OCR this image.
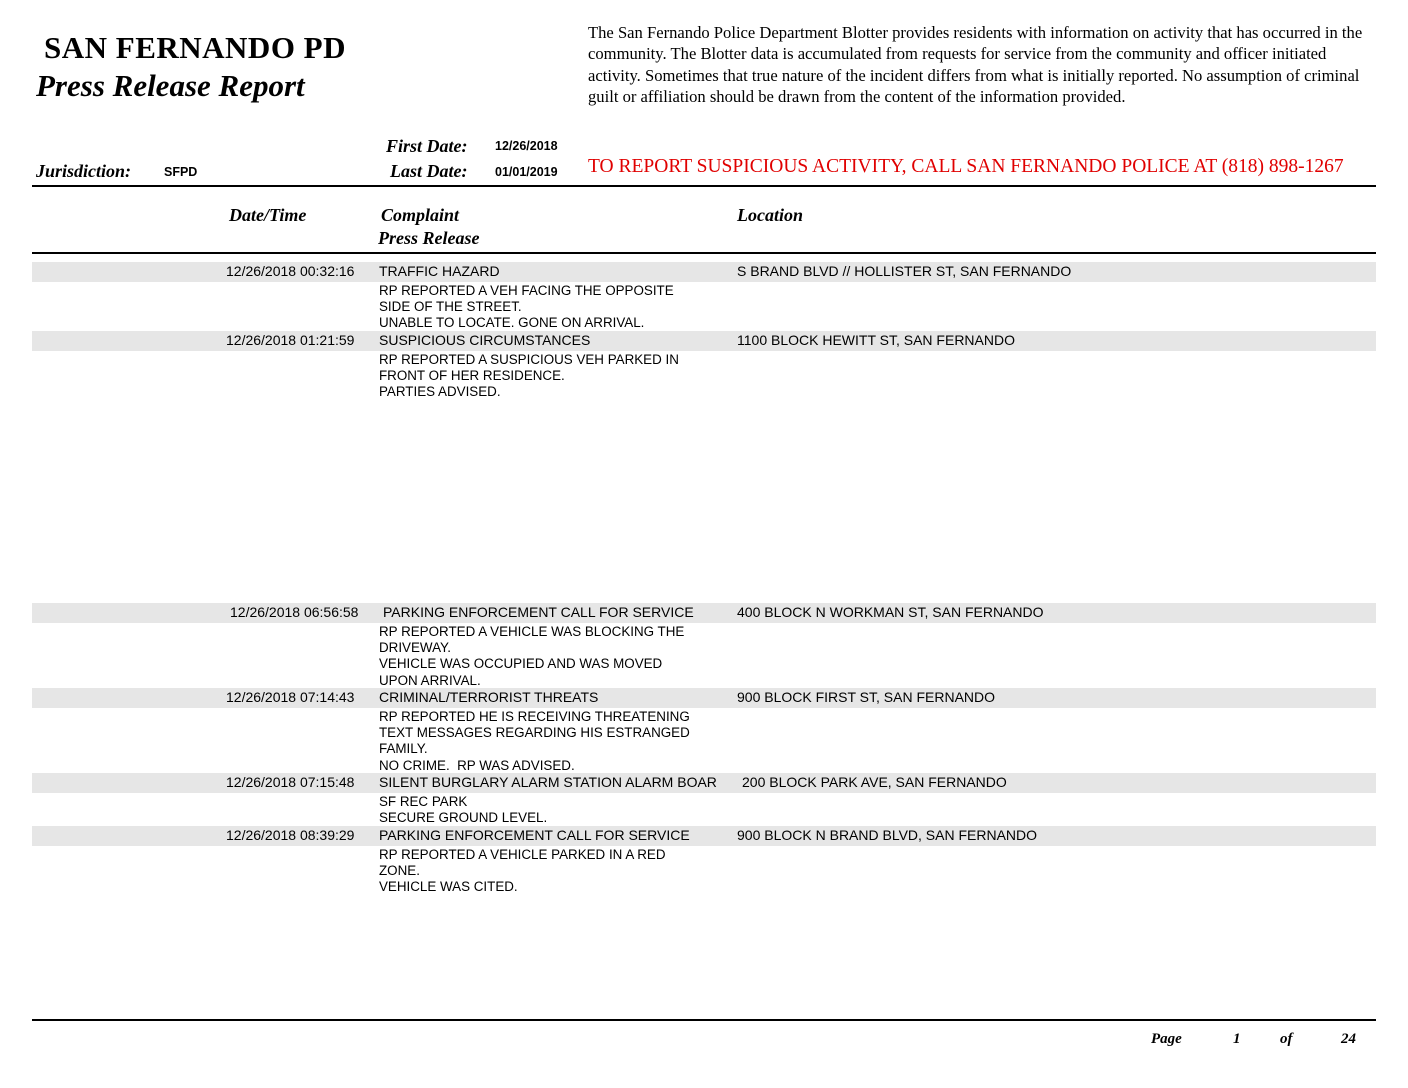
SAN FERNANDO PD
Press Release Report
The San Fernando Police Department Blotter provides residents with information on activity that has occurred in the community. The Blotter data is accumulated from requests for service from the community and officer initiated activity. Sometimes that true nature of the incident differs from what is initially reported. No assumption of criminal guilt or affiliation should be drawn from the content of the information provided.
First Date: 12/26/2018
Jurisdiction:	SFPD	Last Date: 01/01/2019 TO REPORT SUSPICIOUS ACTIVITY, CALL SAN FERNANDO POLICE AT (818) 898-1267
Date/Time	Complaint
Press Release
Location
12/26/2018 00:32:16 TRAFFIC HAZARD	S BRAND BLVD // HOLLISTER ST, SAN FERNANDO
RP REPORTED A VEH FACING THE OPPOSITE
SIDE OF THE STREET.
UNABLE TO LOCATE. GONE ON ARRIVAL.
12/26/2018 01:21:59 SUSPICIOUS CIRCUMSTANCES	1100 BLOCK HEWITT ST, SAN FERNANDO
RP REPORTED A SUSPICIOUS VEH PARKED IN
FRONT OF HER RESIDENCE.
PARTIES ADVISED.
12/26/2018 06:56:58 PARKING ENFORCEMENT CALL FOR SERVICE	400 BLOCK N WORKMAN ST, SAN FERNANDO
RP REPORTED A VEHICLE WAS BLOCKING THE
DRIVEWAY.
VEHICLE WAS OCCUPIED AND WAS MOVED
UPON ARRIVAL.
12/26/2018 07:14:43 CRIMINAL/TERRORIST THREATS	900 BLOCK FIRST ST, SAN FERNANDO
RP REPORTED HE IS RECEIVING THREATENING
TEXT MESSAGES REGARDING HIS ESTRANGED
FAMILY.
NO CRIME.  RP WAS ADVISED.
12/26/2018 07:15:48 SILENT BURGLARY ALARM STATION ALARM BOAR 200 BLOCK PARK AVE, SAN FERNANDO
SF REC PARK
SECURE GROUND LEVEL.
12/26/2018 08:39:29 PARKING ENFORCEMENT CALL FOR SERVICE	900 BLOCK N BRAND BLVD, SAN FERNANDO
RP REPORTED A VEHICLE PARKED IN A RED
ZONE.
VEHICLE WAS CITED.
Page	1	of	24
